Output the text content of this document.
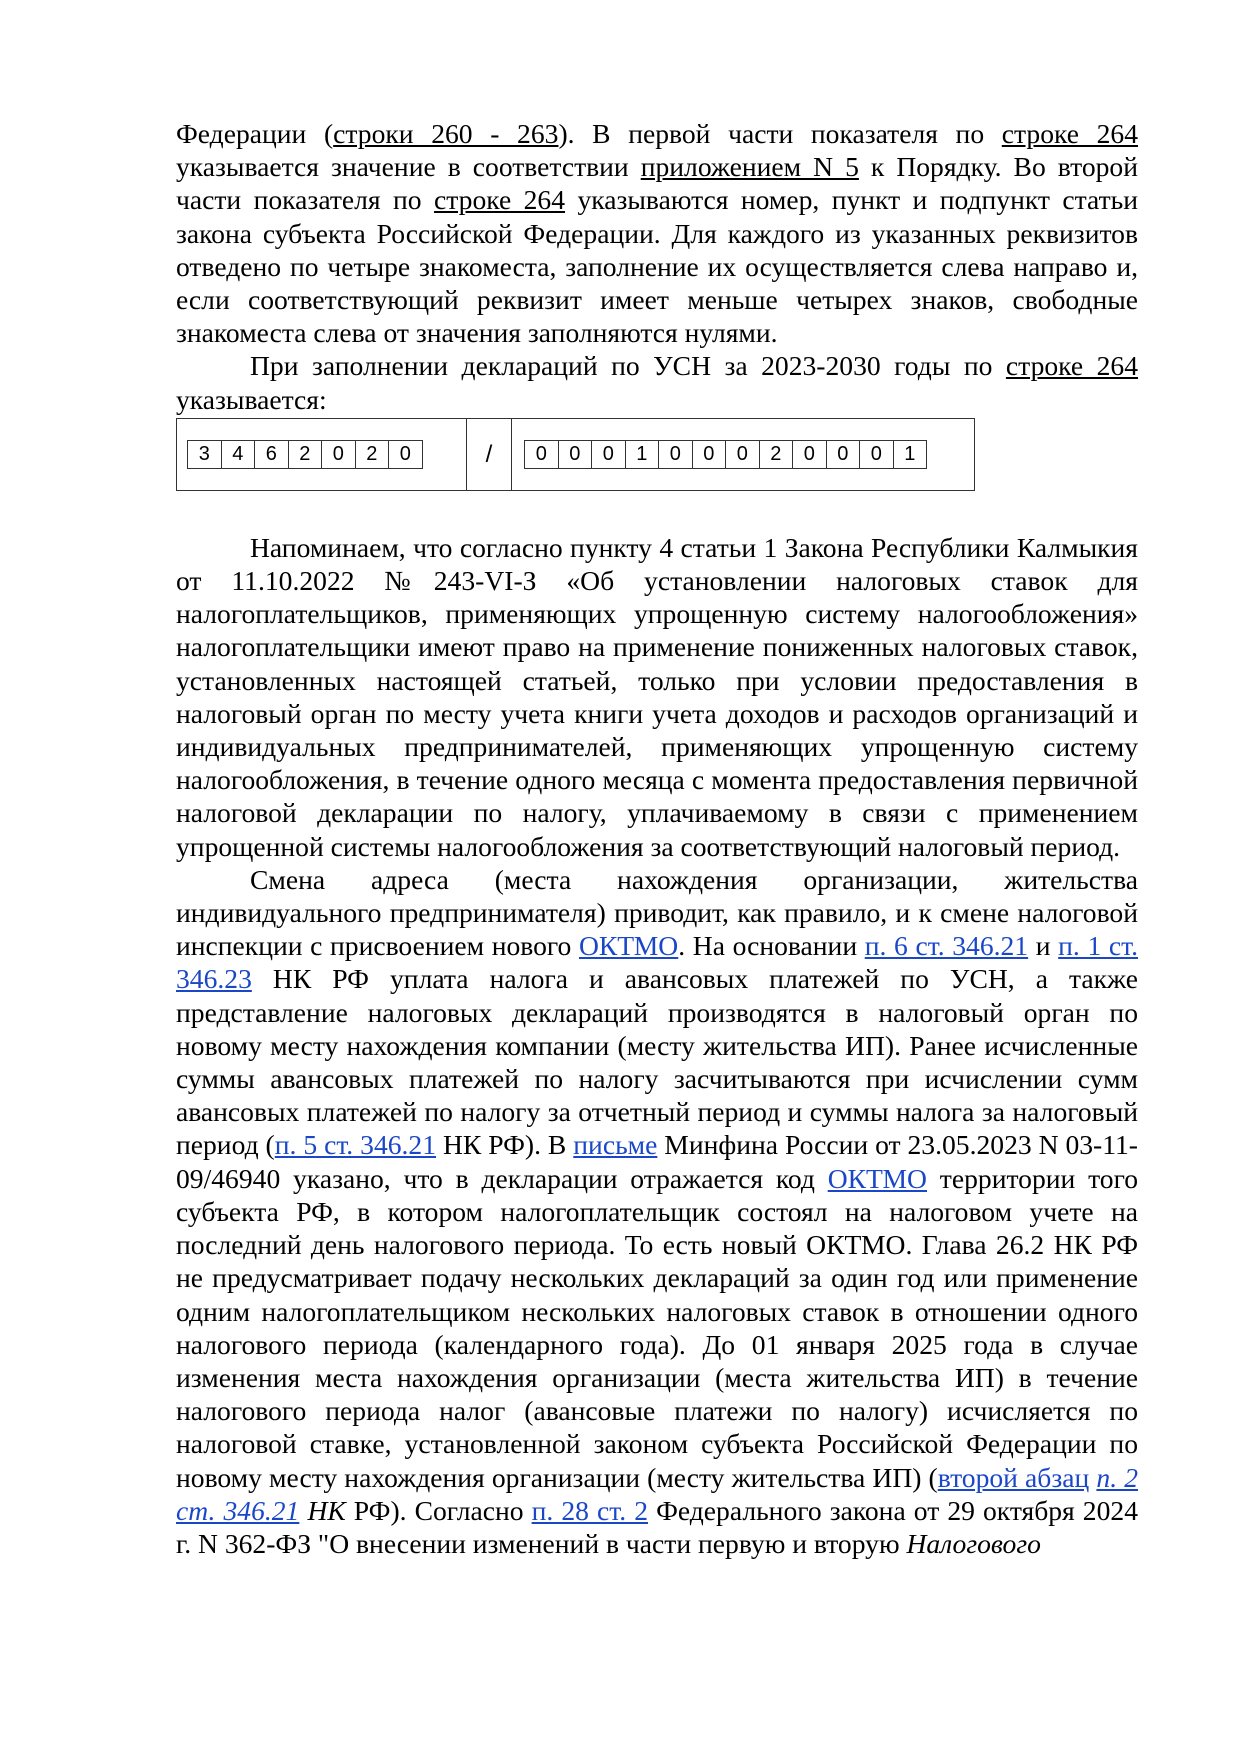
Федерации (строки 260 - 263). В первой части показателя по строке 264 указывается значение в соответствии приложением N 5 к Порядку. Во второй части показателя по строке 264 указываются номер, пункт и подпункт статьи закона субъекта Российской Федерации. Для каждого из указанных реквизитов отведено по четыре знакоместа, заполнение их осуществляется слева направо и, если соответствующий реквизит имеет меньше четырех знаков, свободные знакоместа слева от значения заполняются нулями.

При заполнении деклараций по УСН за 2023-2030 годы по строке 264 указывается:

3	4	6	2	0	2	0	/	0	0	0	1	0	0	0	2	0	0	0	1

Напоминаем, что согласно пункту 4 статьи 1 Закона Республики Калмыкия от 11.10.2022 №243-VI-З «Об установлении налоговых ставок для налогоплательщиков, применяющих упрощенную систему налогообложения» налогоплательщики имеют право на применение пониженных налоговых ставок, установленных настоящей статьей, только при условии предоставления в налоговый орган по месту учета книги учета доходов и расходов организаций и индивидуальных предпринимателей, применяющих упрощенную систему налогообложения, в течение одного месяца с момента предоставления первичной налоговой декларации по налогу, уплачиваемому в связи с применением упрощенной системы налогообложения за соответствующий налоговый период.

Смена адреса (места нахождения организации, жительства индивидуального предпринимателя) приводит, как правило, и к смене налоговой инспекции с присвоением нового ОКТМО. На основании п. 6 ст. 346.21 и п. 1 ст. 346.23 НК РФ уплата налога и авансовых платежей по УСН, а также представление налоговых деклараций производятся в налоговый орган по новому месту нахождения компании (месту жительства ИП). Ранее исчисленные суммы авансовых платежей по налогу засчитываются при исчислении сумм авансовых платежей по налогу за отчетный период и суммы налога за налоговый период (п. 5 ст. 346.21 НК РФ). В письме Минфина России от 23.05.2023 N 03-11-09/46940 указано, что в декларации отражается код ОКТМО территории того субъекта РФ, в котором налогоплательщик состоял на налоговом учете на последний день налогового периода. То есть новый ОКТМО. Глава 26.2 НК РФ не предусматривает подачу нескольких деклараций за один год или применение одним налогоплательщиком нескольких налоговых ставок в отношении одного налогового периода (календарного года). До 01 января 2025 года в случае изменения места нахождения организации (места жительства ИП) в течение налогового периода налог (авансовые платежи по налогу) исчисляется по налоговой ставке, установленной законом субъекта Российской Федерации по новому месту нахождения организации (месту жительства ИП) (второй абзац п. 2 ст. 346.21 НК РФ). Согласно п. 28 ст. 2 Федерального закона от 29 октября 2024 г. N 362-ФЗ "О внесении изменений в части первую и вторую Налогового
